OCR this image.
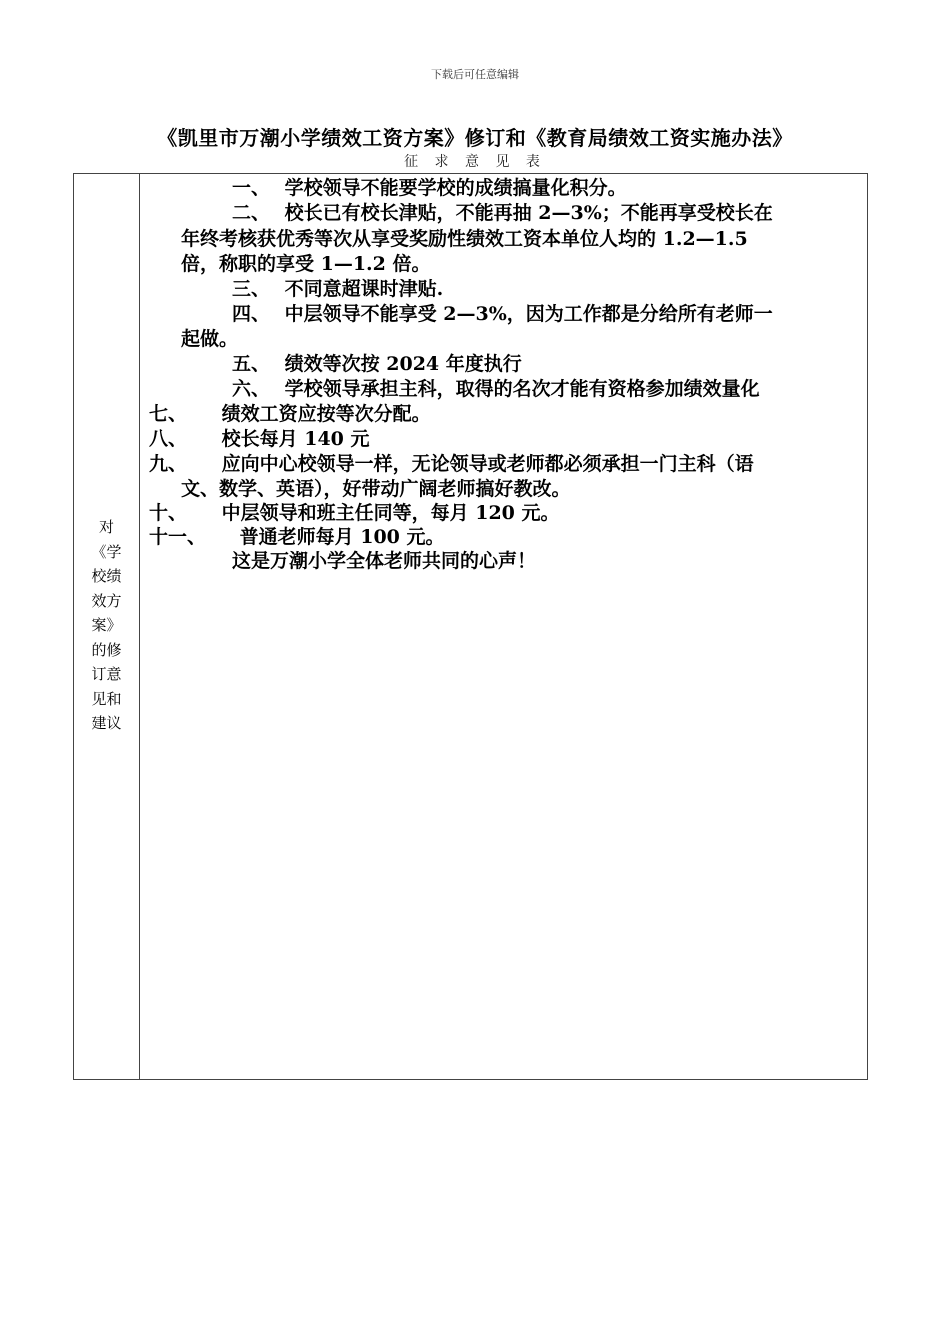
下载后可任意编辑
《凯里市万潮小学绩效工资方案》修订和《教育局绩效工资实施办法》
征 求 意 见 表
对《学校绩效方案》的修订意见和建议
一、 学校领导不能要学校的成绩搞量化积分。
二、 校长已有校长津贴，不能再抽 2—3%；不能再享受校长在
年终考核获优秀等次从享受奖励性绩效工资本单位人均的 1.2—1.5
倍，称职的享受 1—1.2 倍。
三、 不同意超课时津贴.
四、 中层领导不能享受 2—3%，因为工作都是分给所有老师一
起做。
五、 绩效等次按 2024 年度执行
六、 学校领导承担主科，取得的名次才能有资格参加绩效量化
七、 绩效工资应按等次分配。
八、 校长每月 140 元
九、 应向中心校领导一样，无论领导或老师都必须承担一门主科（语
文、数学、英语），好带动广阔老师搞好教改。
十、 中层领导和班主任同等，每月 120 元。
十一、 普通老师每月 100 元。
这是万潮小学全体老师共同的心声！
